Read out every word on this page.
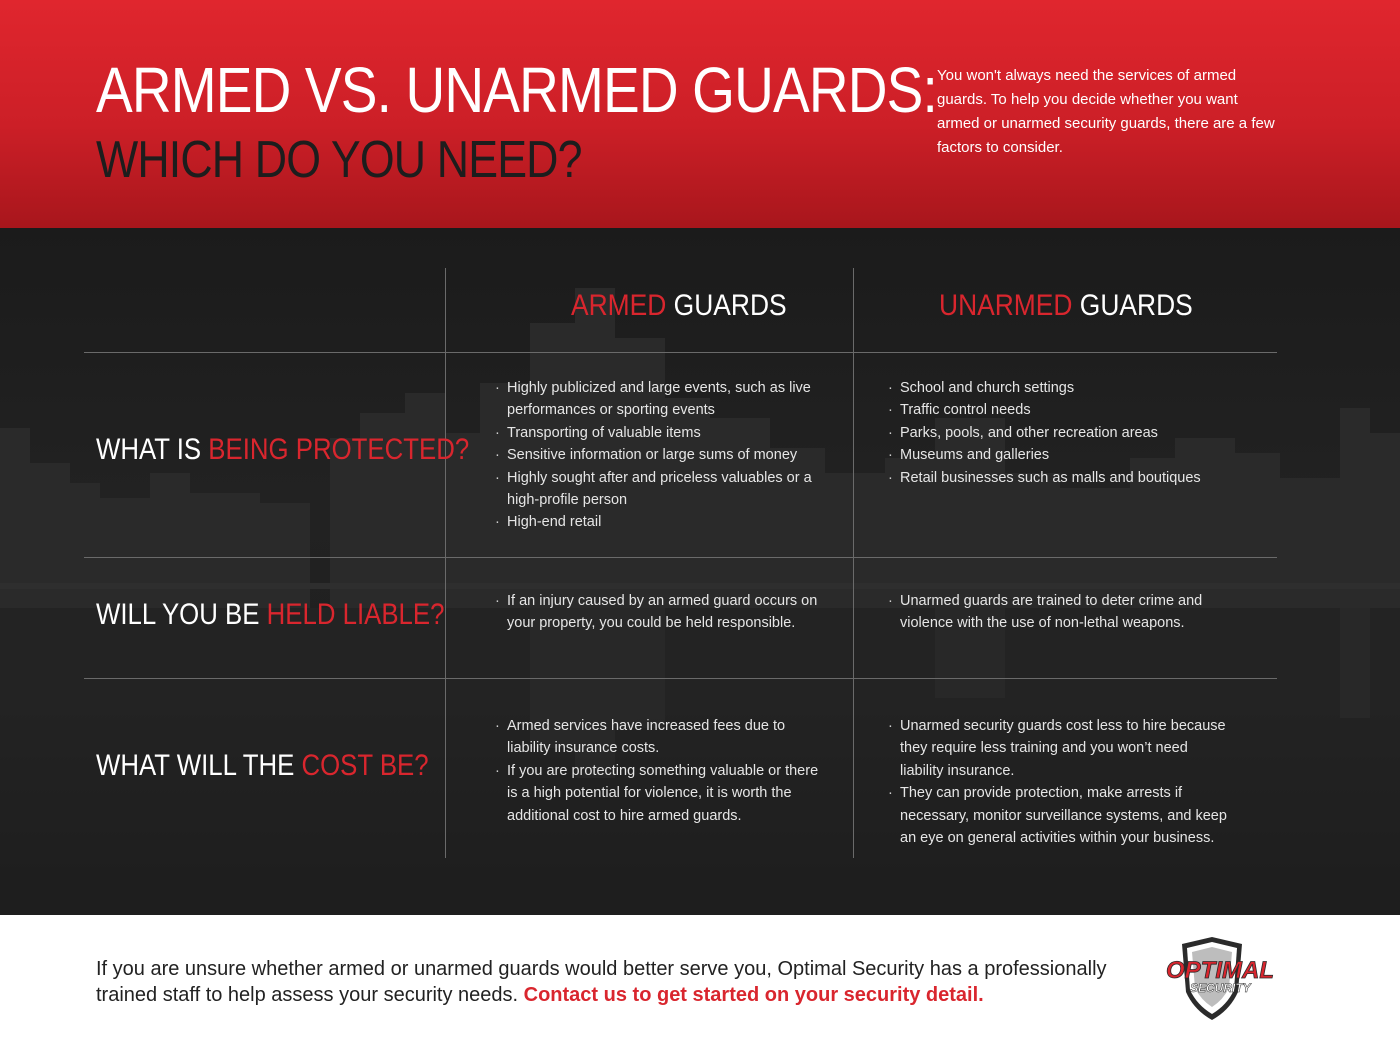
ARMED VS. UNARMED GUARDS:
WHICH DO YOU NEED?
You won't always need the services of armed guards. To help you decide whether you want armed or unarmed security guards, there are a few factors to consider.
ARMED GUARDS	UNARMED GUARDS
WHAT IS BEING PROTECTED?
· Highly publicized and large events, such as live performances or sporting events
· Transporting of valuable items
· Sensitive information or large sums of money
· Highly sought after and priceless valuables or a high-profile person
· High-end retail
· School and church settings
· Traffic control needs
· Parks, pools, and other recreation areas
· Museums and galleries
· Retail businesses such as malls and boutiques
WILL YOU BE HELD LIABLE?
·	If an injury caused by an armed guard occurs on your property, you could be held responsible.
· Unarmed guards are trained to deter crime and violence with the use of non-lethal weapons.
WHAT WILL THE COST BE?
· Armed services have increased fees due to liability insurance costs.
· If you are protecting something valuable or there is a high potential for violence, it is worth the additional cost to hire armed guards.
· Unarmed security guards cost less to hire because they require less training and you won’t need liability insurance.
· They can provide protection, make arrests if necessary, monitor surveillance systems, and keep an eye on general activities within your business.
If you are unsure whether armed or unarmed guards would better serve you, Optimal Security has a professionally trained staff to help assess your security needs. Contact us to get started on your security detail.
OPTIMAL
SECURITY
